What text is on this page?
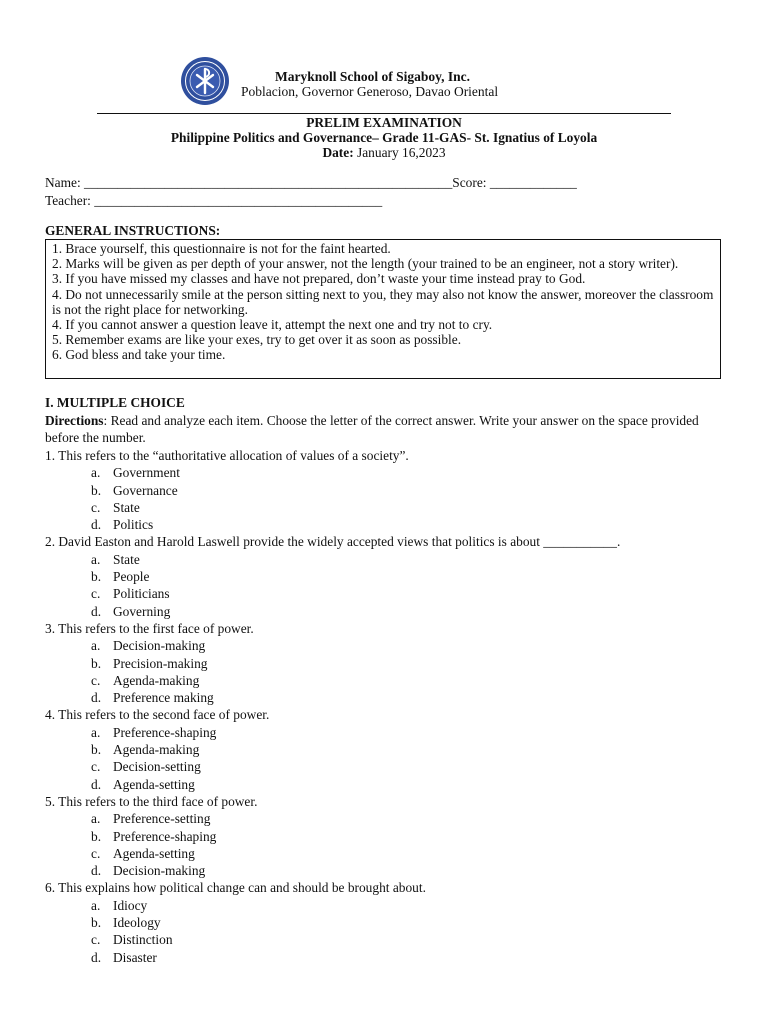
Maryknoll School of Sigaboy, Inc.
Poblacion, Governor Generoso, Davao Oriental
PRELIM EXAMINATION
Philippine Politics and Governance– Grade 11-GAS- St. Ignatius of Loyola
Date: January 16,2023
Name: _______________________________________________________Score: _____________
Teacher: ___________________________________________
GENERAL INSTRUCTIONS:

1. Brace yourself, this questionnaire is not for the faint hearted.

2. Marks will be given as per depth of your answer, not the length (your trained to be an engineer, not a story writer).

3. If you have missed my classes and have not prepared, don’t waste your time instead pray to God.

4. Do not unnecessarily smile at the person sitting next to you, they may also not know the answer, moreover the classroom is not the right place for networking.

4. If you cannot answer a question leave it, attempt the next one and try not to cry.

5. Remember exams are like your exes, try to get over it as soon as possible.

6. God bless and take your time.

I. MULTIPLE CHOICE
Directions: Read and analyze each item. Choose the letter of the correct answer. Write your answer on the space provided before the number.
1. This refers to the “authoritative allocation of values of a society”.
a. Government
b. Governance
c. State
d. Politics
2. David Easton and Harold Laswell provide the widely accepted views that politics is about ___________.
a. State
b. People
c. Politicians
d. Governing
3. This refers to the first face of power.
a. Decision-making
b. Precision-making
c. Agenda-making
d. Preference making
4. This refers to the second face of power.
a. Preference-shaping
b. Agenda-making
c. Decision-setting
d. Agenda-setting
5. This refers to the third face of power.
a. Preference-setting
b. Preference-shaping
c. Agenda-setting
d. Decision-making
6. This explains how political change can and should be brought about.
a. Idiocy
b. Ideology
c. Distinction
d. Disaster
